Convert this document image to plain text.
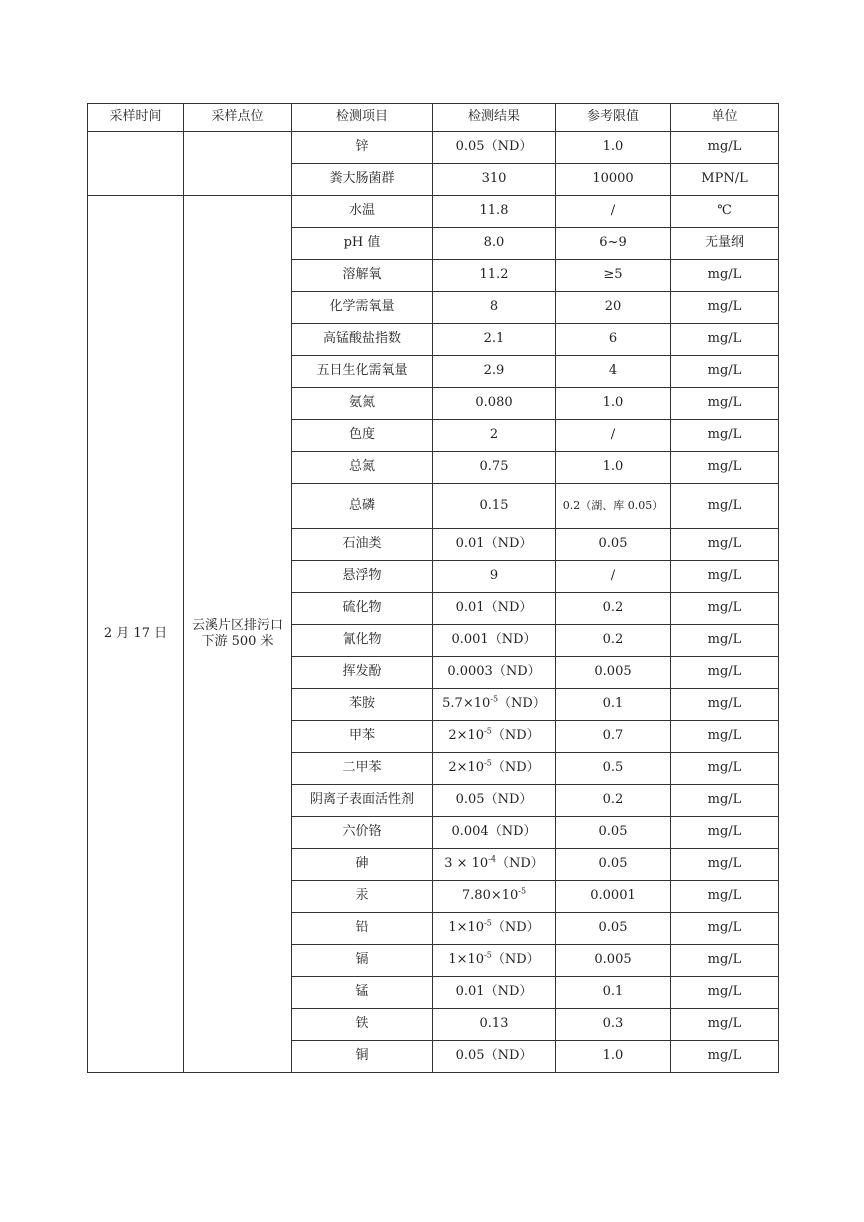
采样时间	采样点位	检测项目	检测结果	参考限值	单位
		锌	0.05（ND）	1.0	mg/L
		粪大肠菌群	310	10000	MPN/L
2 月 17 日	云溪片区排污口下游 500 米	水温	11.8	/	℃
		pH 值	8.0	6~9	无量纲
		溶解氧	11.2	≥5	mg/L
		化学需氧量	8	20	mg/L
		高锰酸盐指数	2.1	6	mg/L
		五日生化需氧量	2.9	4	mg/L
		氨氮	0.080	1.0	mg/L
		色度	2	/	mg/L
		总氮	0.75	1.0	mg/L
		总磷	0.15	0.2（湖、库 0.05）	mg/L
		石油类	0.01（ND）	0.05	mg/L
		悬浮物	9	/	mg/L
		硫化物	0.01（ND）	0.2	mg/L
		氰化物	0.001（ND）	0.2	mg/L
		挥发酚	0.0003（ND）	0.005	mg/L
		苯胺	$5.7\times 10^{-5}(ND)$	0.1	mg/L
		甲苯	$2\times 10^{-5}(ND)$	0.7	mg/L
		二甲苯	$2\times 10^{-5}(ND)$	0.5	mg/L
		阴离子表面活性剂	0.05（ND）	0.2	mg/L
		六价铬	0.004（ND）	0.05	mg/L
		砷	$3 \times 10^{-4}(ND)$	0.05	mg/L
		汞	$7.80\times 10^{-5}$	0.0001	mg/L
		铅	$1\times 10^{-5}(ND)$	0.05	mg/L
		镉	$1\times 10^{-5}(ND)$	0.005	mg/L
		锰	0.01（ND）	0.1	mg/L
		铁	0.13	0.3	mg/L
		铜	0.05（ND）	1.0	mg/L
